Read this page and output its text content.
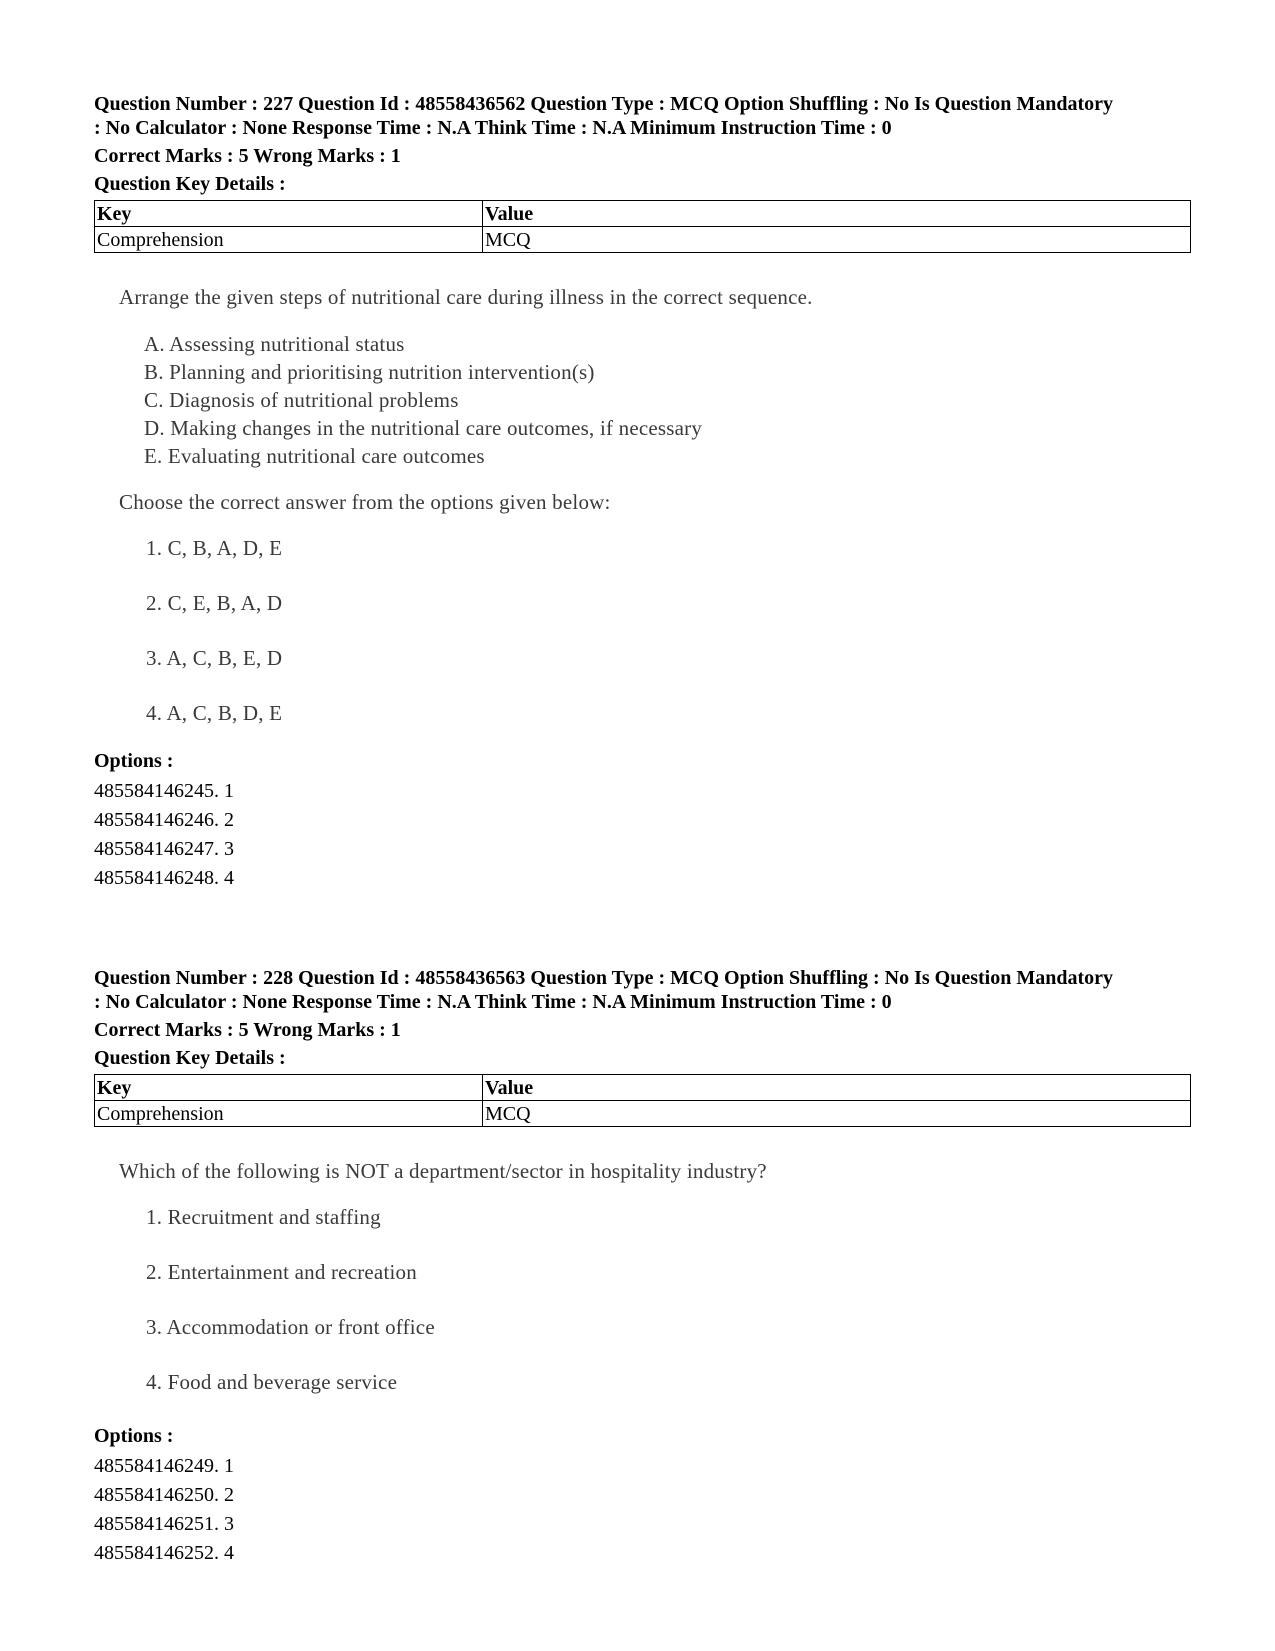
Question Number : 227 Question Id : 48558436562 Question Type : MCQ Option Shuffling : No Is Question Mandatory

: No Calculator : None Response Time : N.A Think Time : N.A Minimum Instruction Time : 0

Correct Marks : 5 Wrong Marks : 1
Question Key Details :
Key	Value
Comprehension	MCQ
Arrange the given steps of nutritional care during illness in the correct sequence.
A. Assessing nutritional status
B. Planning and prioritising nutrition intervention(s)
C. Diagnosis of nutritional problems
D. Making changes in the nutritional care outcomes, if necessary
E. Evaluating nutritional care outcomes
Choose the correct answer from the options given below:
1. C, B, A, D, E
2. C, E, B, A, D
3. A, C, B, E, D
4. A, C, B, D, E
Options :
485584146245. 1
485584146246. 2
485584146247. 3
485584146248. 4

Question Number : 228 Question Id : 48558436563 Question Type : MCQ Option Shuffling : No Is Question Mandatory

: No Calculator : None Response Time : N.A Think Time : N.A Minimum Instruction Time : 0

Correct Marks : 5 Wrong Marks : 1
Question Key Details :
Key	Value
Comprehension	MCQ
Which of the following is NOT a department/sector in hospitality industry?
1. Recruitment and staffing
2. Entertainment and recreation
3. Accommodation or front office
4. Food and beverage service
Options :
485584146249. 1
485584146250. 2
485584146251. 3
485584146252. 4
